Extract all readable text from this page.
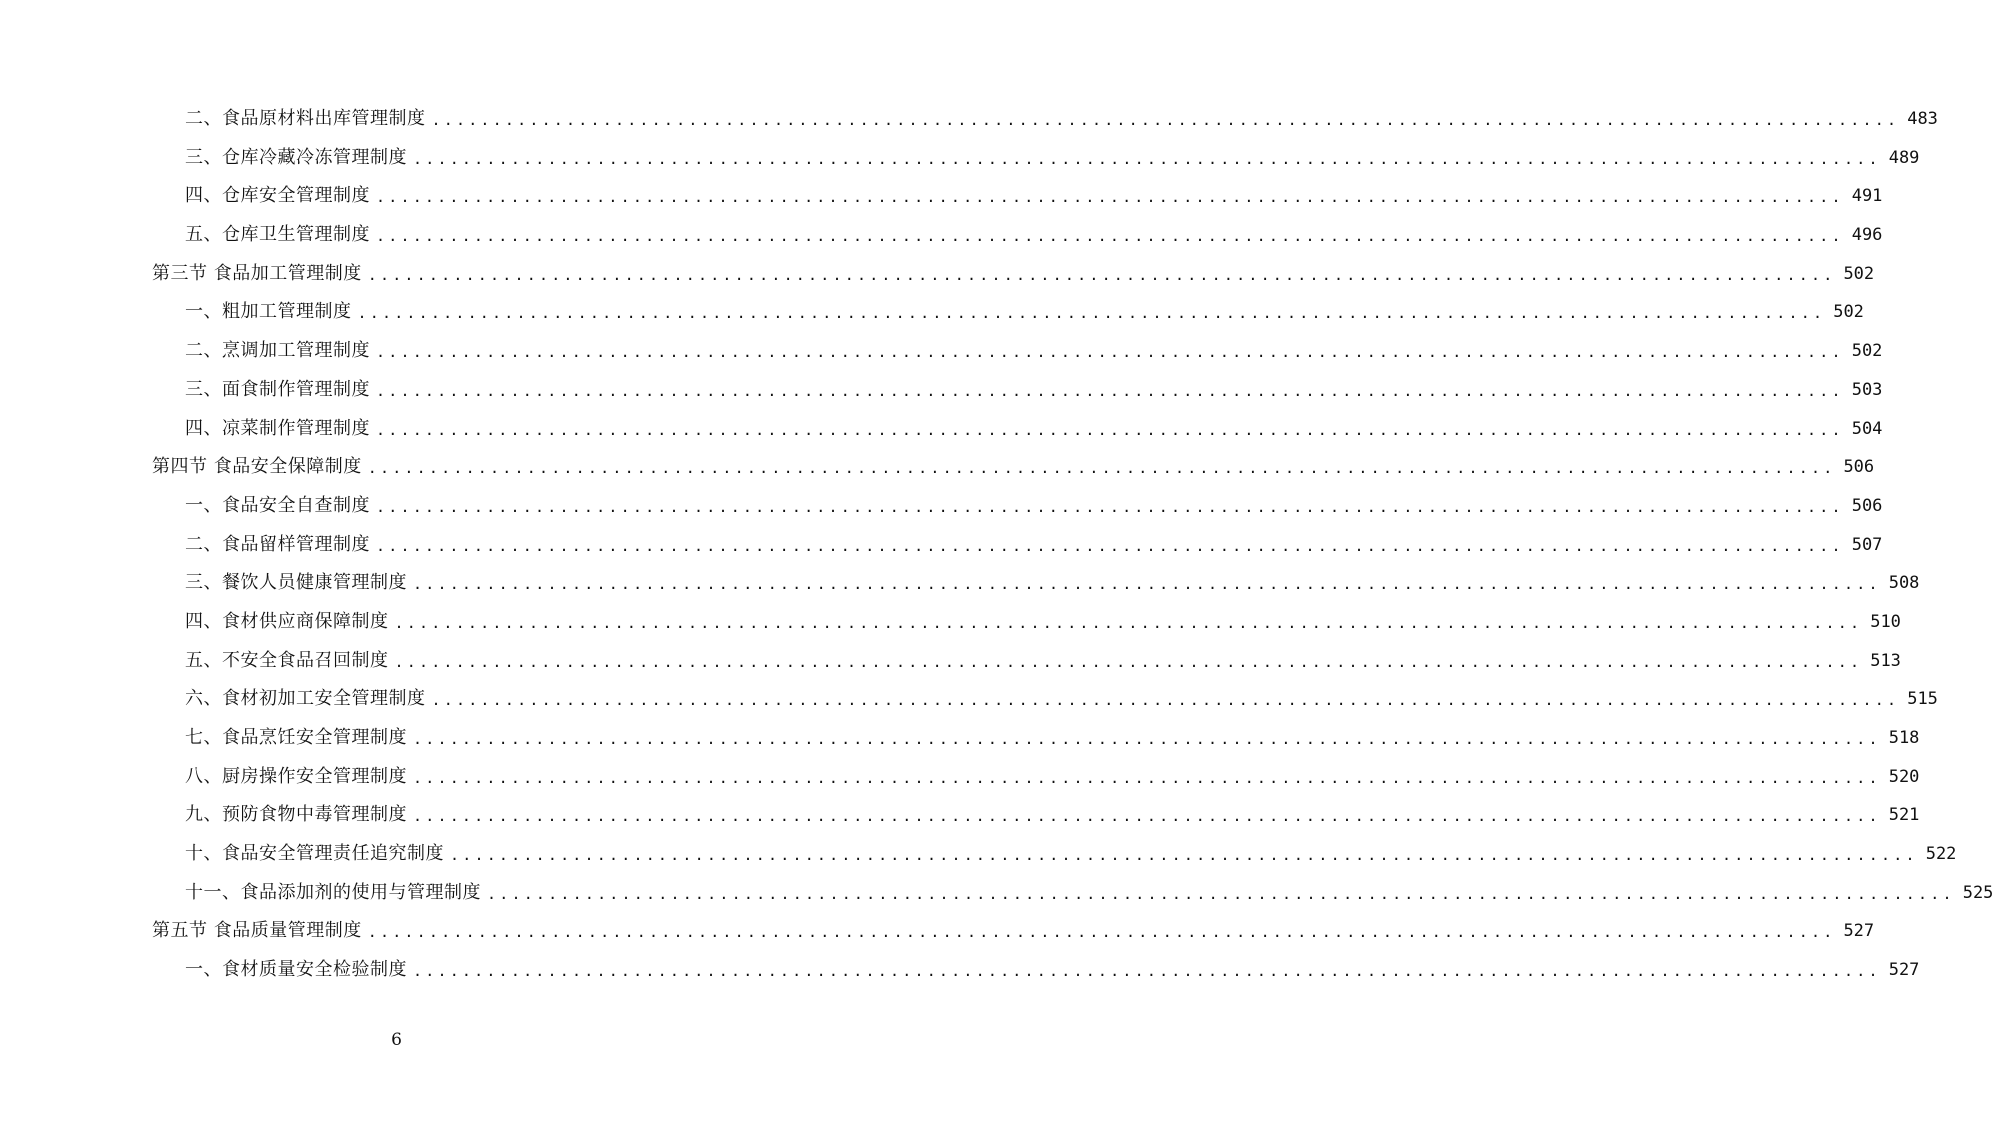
二、食品原材料出库管理制度 ........................................................................................................................ 483
三、仓库冷藏冷冻管理制度 ........................................................................................................................ 489
四、仓库安全管理制度 ........................................................................................................................ 491
五、仓库卫生管理制度 ........................................................................................................................ 496
第三节 食品加工管理制度 ........................................................................................................................ 502
一、粗加工管理制度 ........................................................................................................................ 502
二、烹调加工管理制度 ........................................................................................................................ 502
三、面食制作管理制度 ........................................................................................................................ 503
四、凉菜制作管理制度 ........................................................................................................................ 504
第四节 食品安全保障制度 ........................................................................................................................ 506
一、食品安全自查制度 ........................................................................................................................ 506
二、食品留样管理制度 ........................................................................................................................ 507
三、餐饮人员健康管理制度 ........................................................................................................................ 508
四、食材供应商保障制度 ........................................................................................................................ 510
五、不安全食品召回制度 ........................................................................................................................ 513
六、食材初加工安全管理制度 ........................................................................................................................ 515
七、食品烹饪安全管理制度 ........................................................................................................................ 518
八、厨房操作安全管理制度 ........................................................................................................................ 520
九、预防食物中毒管理制度 ........................................................................................................................ 521
十、食品安全管理责任追究制度 ........................................................................................................................ 522
十一、食品添加剂的使用与管理制度 ........................................................................................................................ 525
第五节 食品质量管理制度 ........................................................................................................................ 527
一、食材质量安全检验制度 ........................................................................................................................ 527
6
